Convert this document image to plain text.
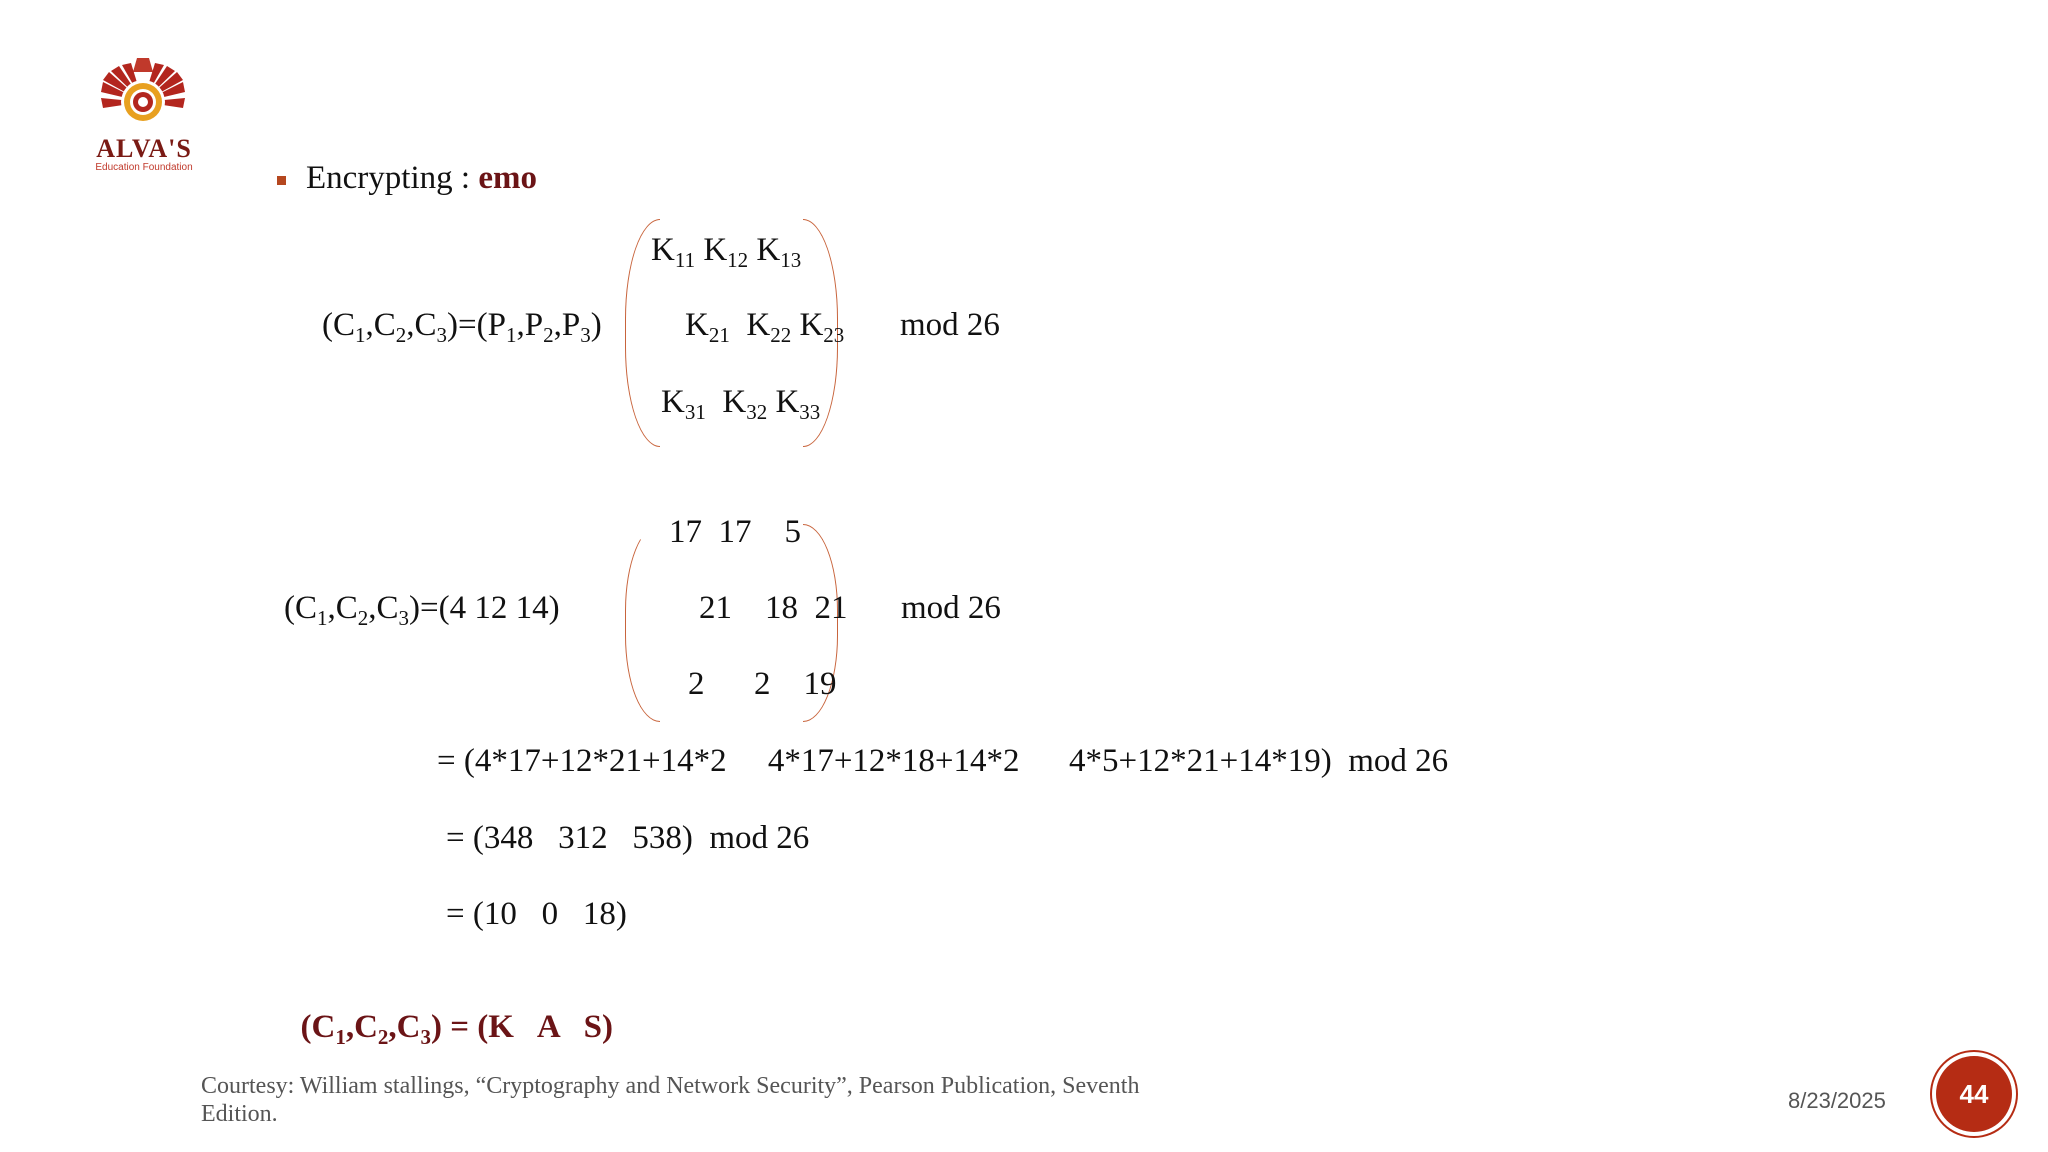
ALVA'S
Education Foundation	Encrypting : emo
$(C_1,C_2,C_3)=(P_1,P_2,P_3)$
$K_{11}$ $K_{12}$ $K_{13}$
$K_{21}$  $K_{22}$ $K_{23}$
$K_{31}$  $K_{32}$ $K_{33}$
mod 26
$(C_1,C_2,C_3)=(4$ 12 14)
17  17    5
21    18  21
2      2    19
mod 26
= (4*17+12*21+14*2     4*17+12*18+14*2      4*5+12*21+14*19)  mod 26
= (348   312   538)  mod 26
= (10   0   18)

$(C_1,C_2,C_3) = (K$   A   S)

Courtesy: William stallings, “Cryptography and Network Security”, Pearson Publication, Seventh Edition.
8/23/2025	44
